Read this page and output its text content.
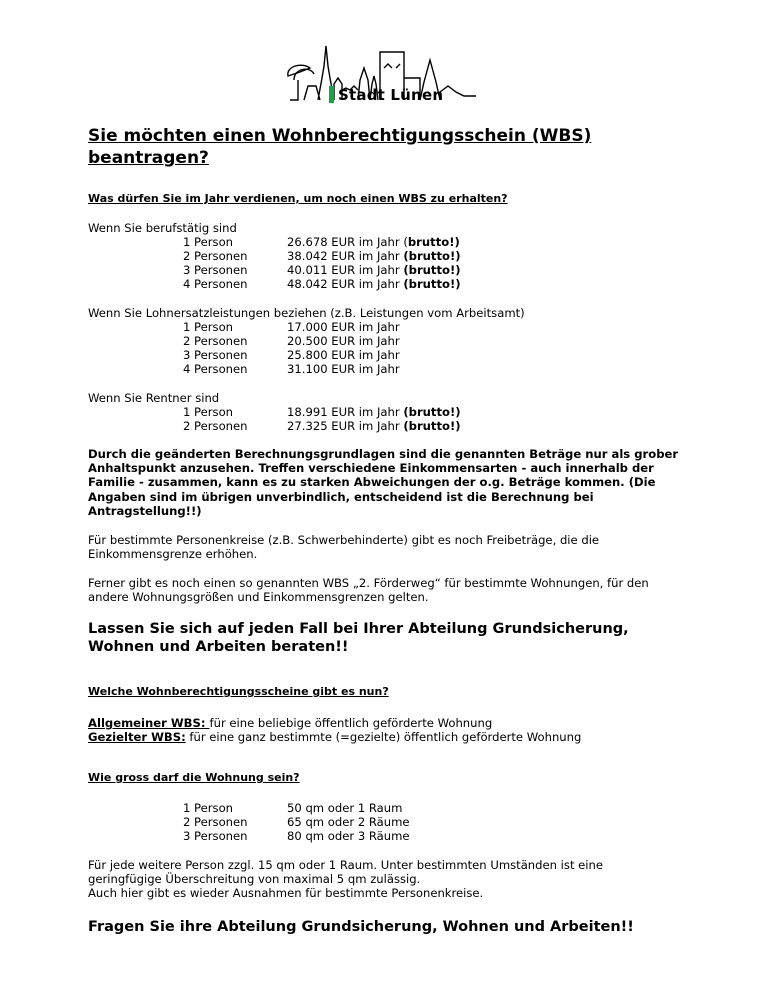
Stadt Lünen
Sie möchten einen Wohnberechtigungsschein (WBS) beantragen?
Was dürfen Sie im Jahr verdienen, um noch einen WBS zu erhalten?
Wenn Sie berufstätig sind
1 Person	26.678 EUR im Jahr (brutto!)
2 Personen	38.042 EUR im Jahr (brutto!)
3 Personen	40.011 EUR im Jahr (brutto!)
4 Personen	48.042 EUR im Jahr (brutto!)
Wenn Sie Lohnersatzleistungen beziehen (z.B. Leistungen vom Arbeitsamt)
1 Person	17.000 EUR im Jahr
2 Personen	20.500 EUR im Jahr
3 Personen	25.800 EUR im Jahr
4 Personen	31.100 EUR im Jahr
Wenn Sie Rentner sind
1 Person	18.991 EUR im Jahr (brutto!)
2 Personen	27.325 EUR im Jahr (brutto!)
Durch die geänderten Berechnungsgrundlagen sind die genannten Beträge nur als grober Anhaltspunkt anzusehen. Treffen verschiedene Einkommensarten - auch innerhalb der Familie - zusammen, kann es zu starken Abweichungen der o.g. Beträge kommen. (Die Angaben sind im übrigen unverbindlich, entscheidend ist die Berechnung bei Antragstellung!!)
Für bestimmte Personenkreise (z.B. Schwerbehinderte) gibt es noch Freibeträge, die die Einkommensgrenze erhöhen.
Ferner gibt es noch einen so genannten WBS „2. Förderweg“ für bestimmte Wohnungen, für den andere Wohnungsgrößen und Einkommensgrenzen gelten.
Lassen Sie sich auf jeden Fall bei Ihrer Abteilung Grundsicherung, Wohnen und Arbeiten beraten!!
Welche Wohnberechtigungsscheine gibt es nun?
Allgemeiner WBS: für eine beliebige öffentlich geförderte Wohnung
Gezielter WBS: für eine ganz bestimmte (=gezielte) öffentlich geförderte Wohnung
Wie gross darf die Wohnung sein?
1 Person	50 qm oder 1 Raum
2 Personen	65 qm oder 2 Räume
3 Personen	80 qm oder 3 Räume
Für jede weitere Person zzgl. 15 qm oder 1 Raum. Unter bestimmten Umständen ist eine geringfügige Überschreitung von maximal 5 qm zulässig.
Auch hier gibt es wieder Ausnahmen für bestimmte Personenkreise.
Fragen Sie ihre Abteilung Grundsicherung, Wohnen und Arbeiten!!
